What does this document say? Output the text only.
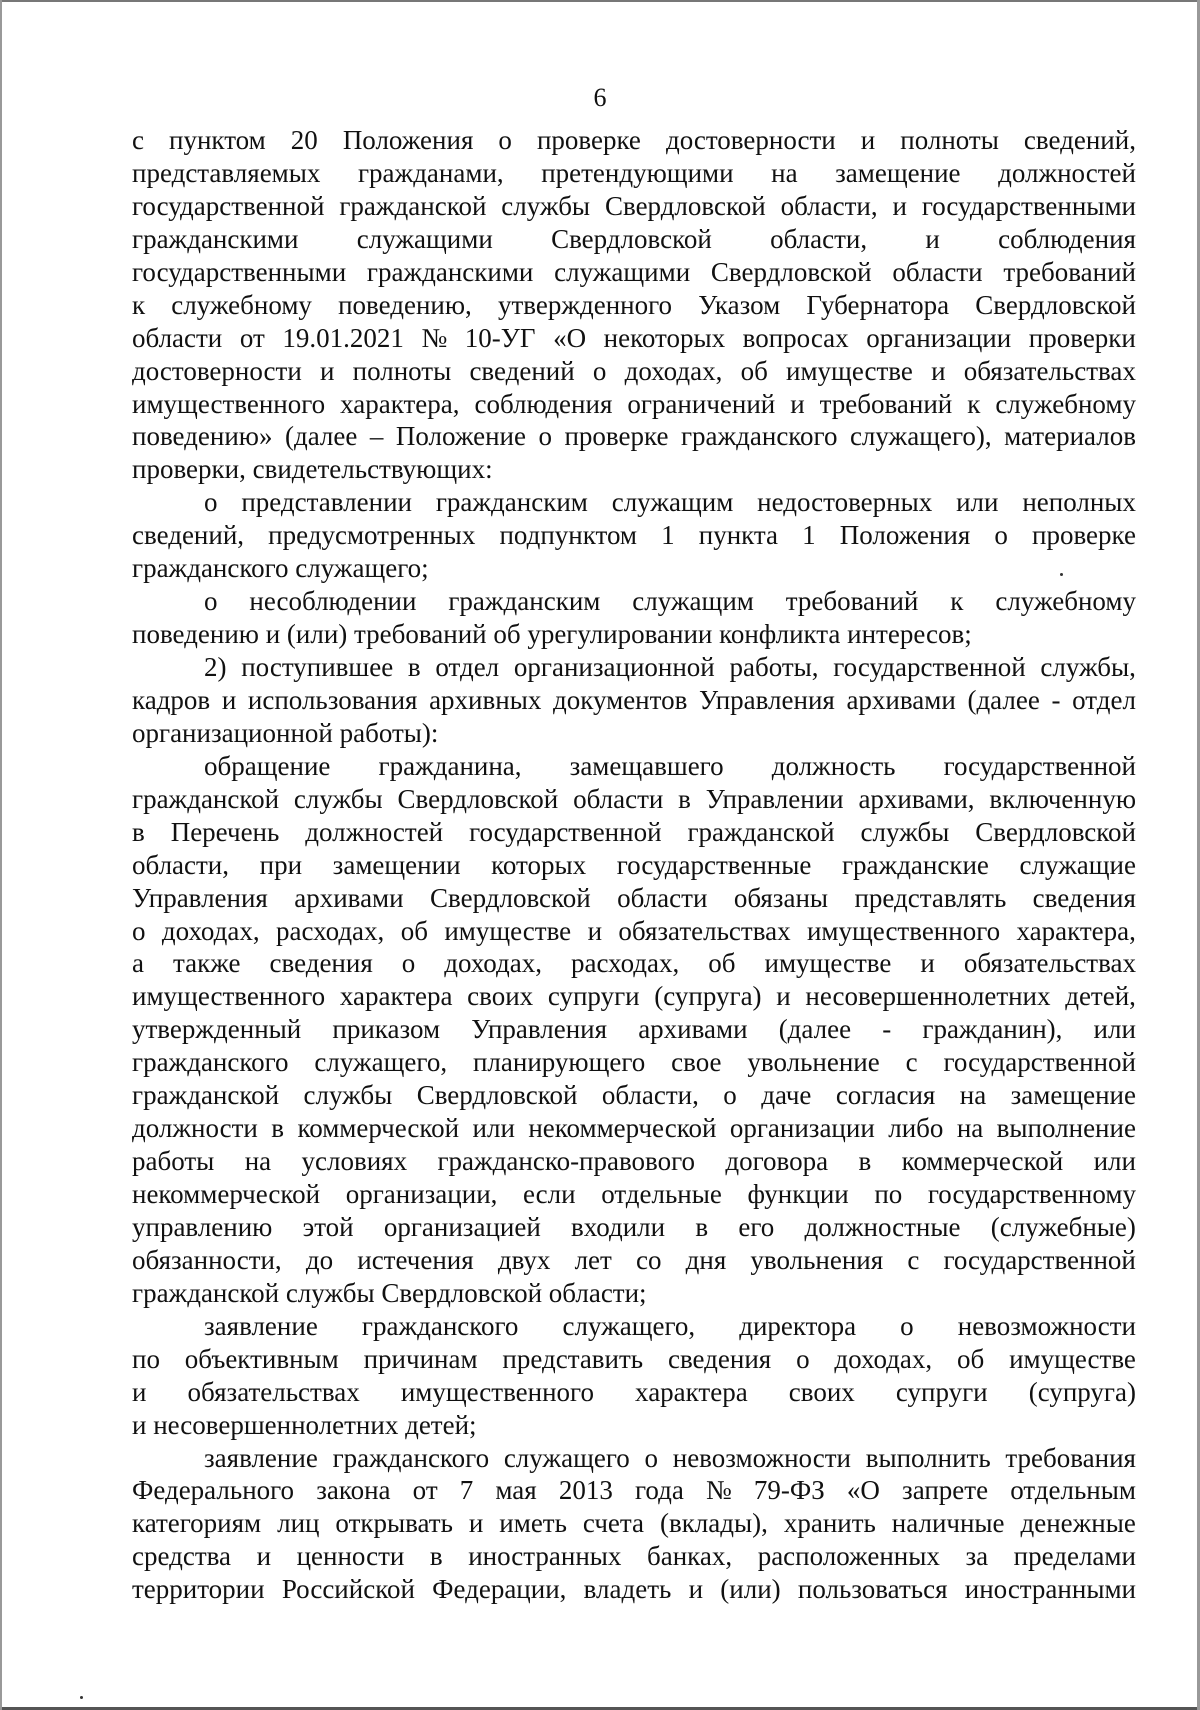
6
с пунктом 20 Положения о проверке достоверности и полноты сведений,
представляемых гражданами, претендующими на замещение должностей
государственной гражданской службы Свердловской области, и государственными
гражданскими служащими Свердловской области, и соблюдения
государственными гражданскими служащими Свердловской области требований
к служебному поведению, утвержденного Указом Губернатора Свердловской
области от 19.01.2021 № 10-УГ «О некоторых вопросах организации проверки
достоверности и полноты сведений о доходах, об имуществе и обязательствах
имущественного характера, соблюдения ограничений и требований к служебному
поведению» (далее – Положение о проверке гражданского служащего), материалов
проверки, свидетельствующих:
о представлении гражданским служащим недостоверных или неполных
сведений, предусмотренных подпунктом 1 пункта 1 Положения о проверке
гражданского служащего;
о несоблюдении гражданским служащим требований к служебному
поведению и (или) требований об урегулировании конфликта интересов;
2) поступившее в отдел организационной работы, государственной службы,
кадров и использования архивных документов Управления архивами (далее - отдел
организационной работы):
обращение гражданина, замещавшего должность государственной
гражданской службы Свердловской области в Управлении архивами, включенную
в Перечень должностей государственной гражданской службы Свердловской
области, при замещении которых государственные гражданские служащие
Управления архивами Свердловской области обязаны представлять сведения
о доходах, расходах, об имуществе и обязательствах имущественного характера,
а также сведения о доходах, расходах, об имуществе и обязательствах
имущественного характера своих супруги (супруга) и несовершеннолетних детей,
утвержденный приказом Управления архивами (далее - гражданин), или
гражданского служащего, планирующего свое увольнение с государственной
гражданской службы Свердловской области, о даче согласия на замещение
должности в коммерческой или некоммерческой организации либо на выполнение
работы на условиях гражданско-правового договора в коммерческой или
некоммерческой организации, если отдельные функции по государственному
управлению этой организацией входили в его должностные (служебные)
обязанности, до истечения двух лет со дня увольнения с государственной
гражданской службы Свердловской области;
заявление гражданского служащего, директора о невозможности
по объективным причинам представить сведения о доходах, об имуществе
и обязательствах имущественного характера своих супруги (супруга)
и несовершеннолетних детей;
заявление гражданского служащего о невозможности выполнить требования
Федерального закона от 7 мая 2013 года № 79-ФЗ «О запрете отдельным
категориям лиц открывать и иметь счета (вклады), хранить наличные денежные
средства и ценности в иностранных банках, расположенных за пределами
территории Российской Федерации, владеть и (или) пользоваться иностранными
